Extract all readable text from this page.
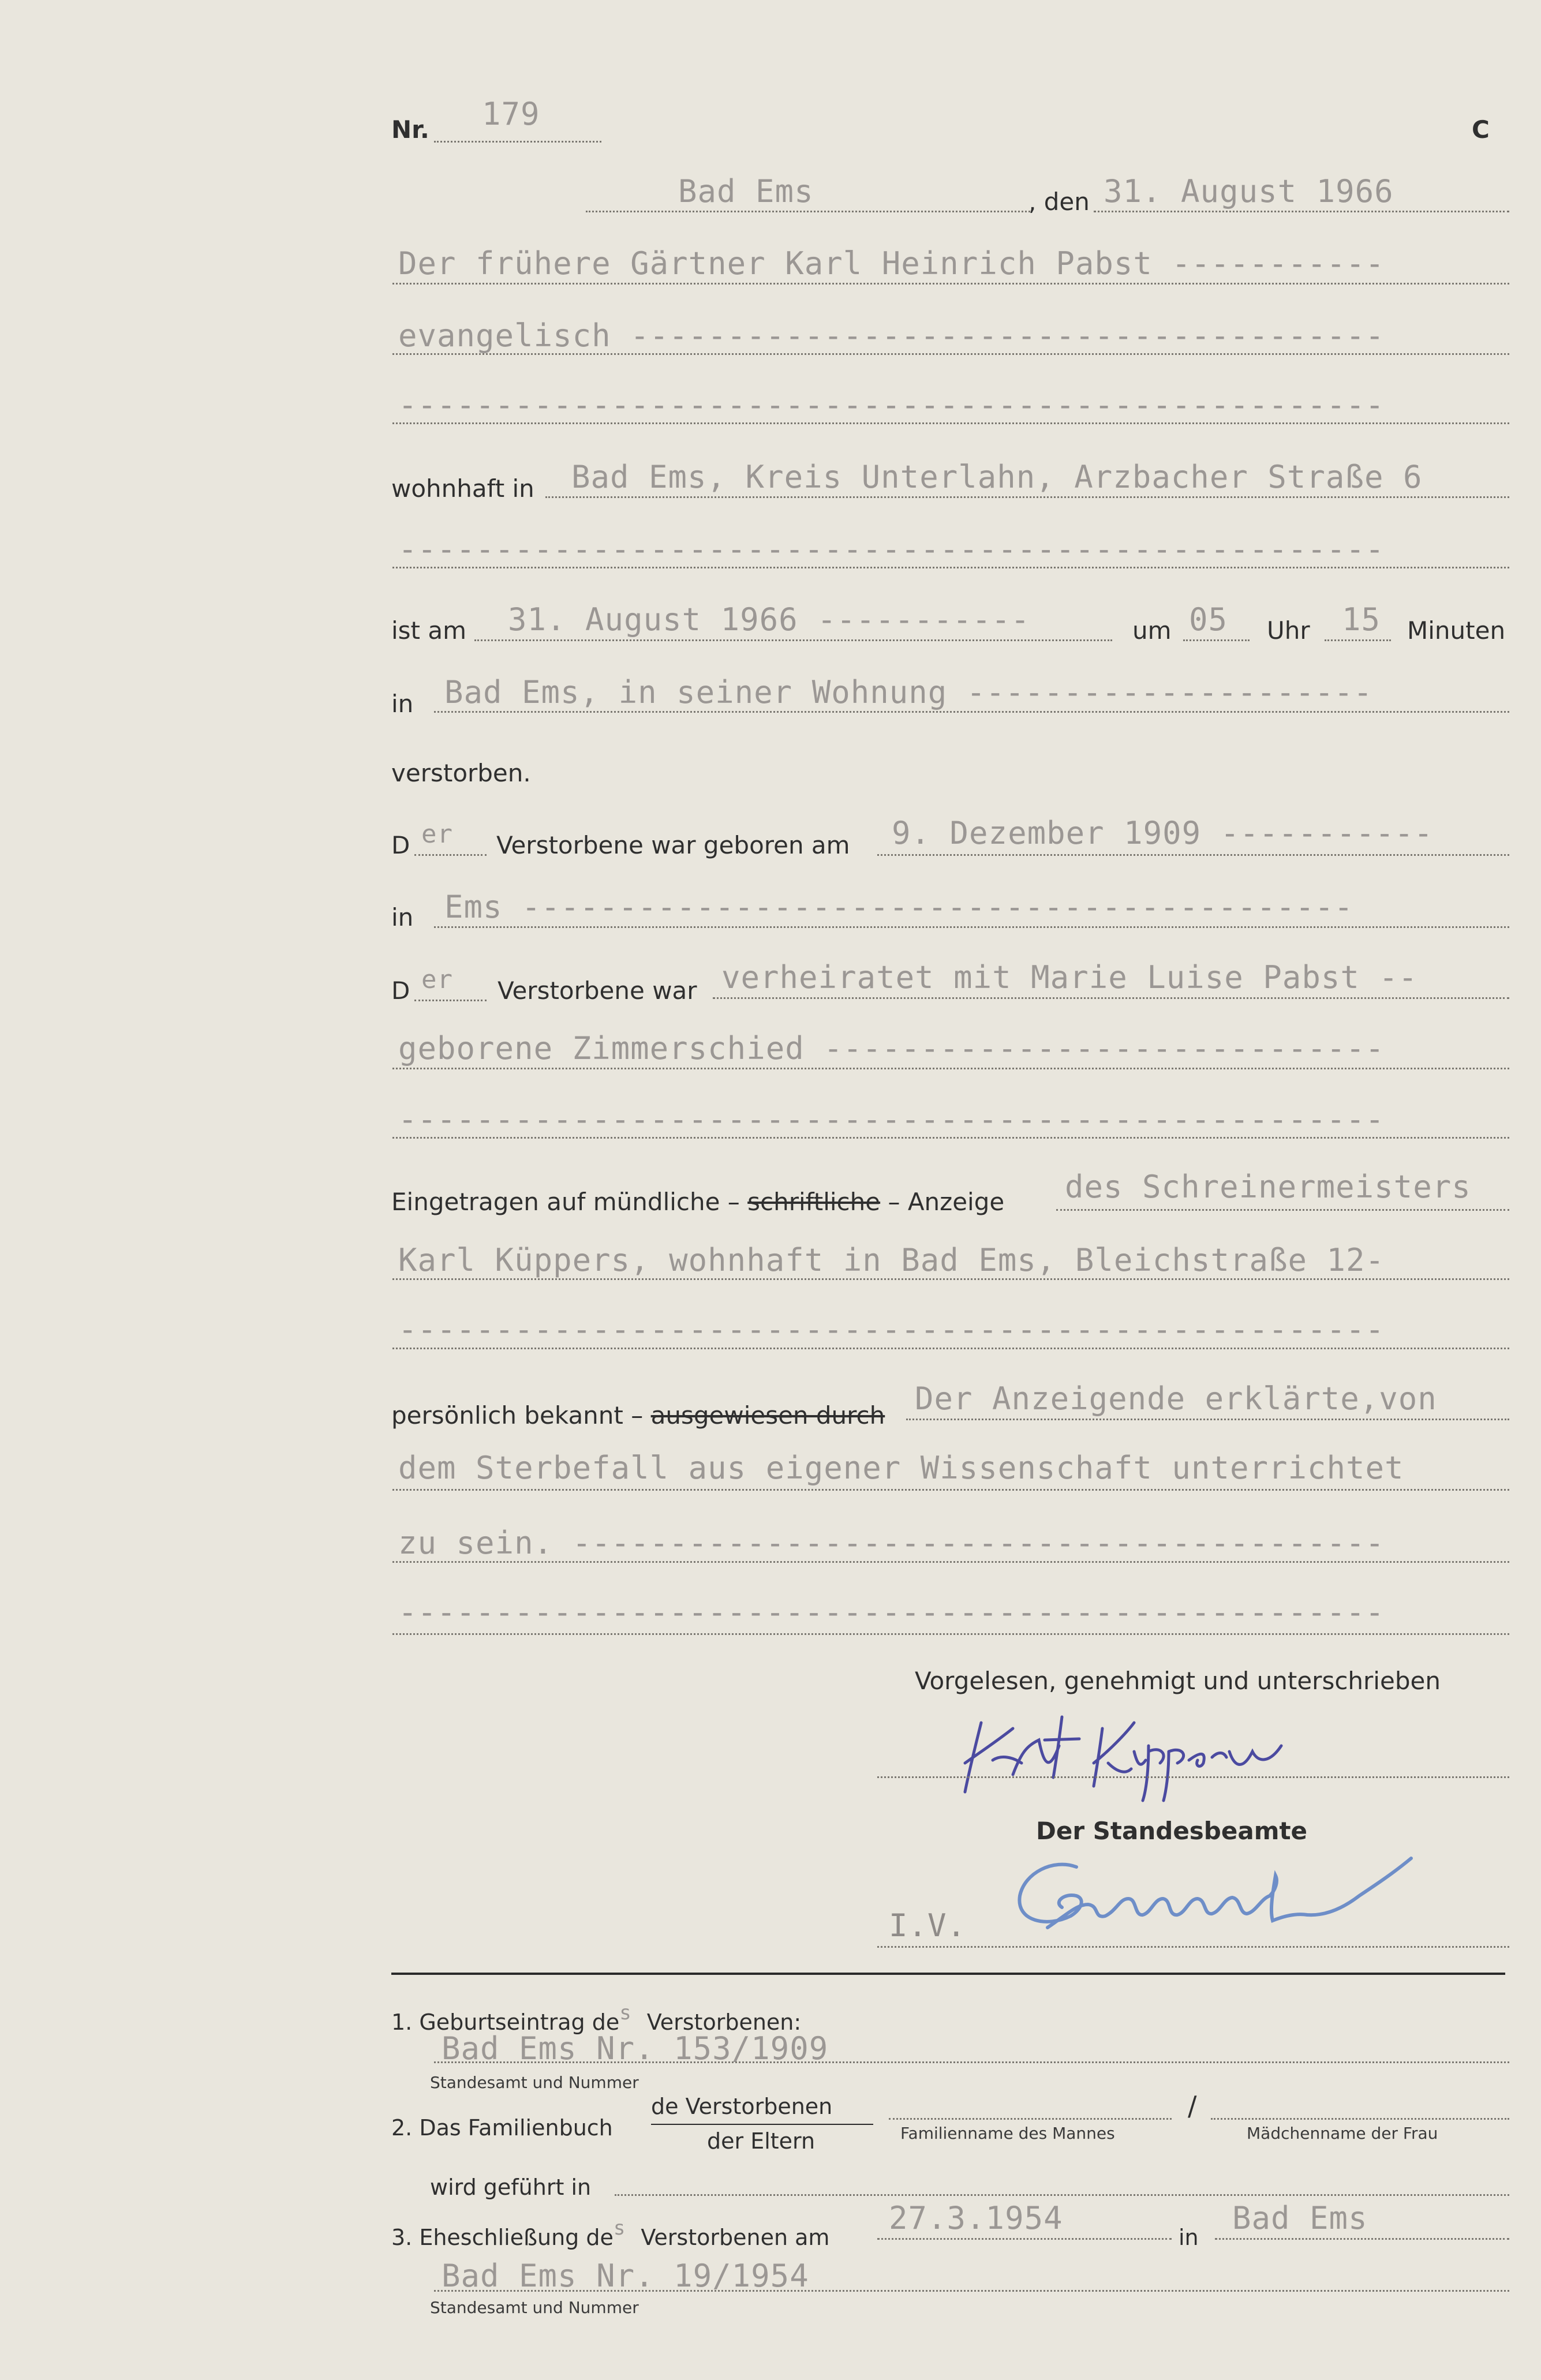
Nr. 179	C
Bad Ems	, den 31. August 1966
Der frühere Gärtner Karl Heinrich Pabst -----------
evangelisch ---------------------------------------
---------------------------------------------------
wohnhaft in Bad Ems, Kreis Unterlahn, Arzbacher Straße 6
---------------------------------------------------
ist am 31. August 1966 -----------	um 05 Uhr 15 Minuten
in Bad Ems, in seiner Wohnung ---------------------
verstorben.
D er Verstorbene war geboren am 9. Dezember 1909 -----------
in Ems -------------------------------------------
D er Verstorbene war verheiratet mit Marie Luise Pabst --
geborene Zimmerschied -----------------------------
---------------------------------------------------
Eingetragen auf mündliche – schriftliche – Anzeige des Schreinermeisters
Karl Küppers, wohnhaft in Bad Ems, Bleichstraße 12-
---------------------------------------------------
persönlich bekannt – ausgewiesen durch Der Anzeigende erklärte,von
dem Sterbefall aus eigener Wissenschaft unterrichtet
zu sein. ------------------------------------------
---------------------------------------------------
Vorgelesen, genehmigt und unterschrieben
Der Standesbeamte
I.V.
1. Geburtseintrag des Verstorbenen:
Bad Ems Nr. 153/1909
Standesamt und Nummer
2. Das Familienbuch
de Verstorbenen
der Eltern	Familienname des Mannes
/
Mädchenname der Frau
wird geführt in
3. Eheschließung des Verstorbenen am
27.3.1954
in
Bad Ems
Bad Ems Nr. 19/1954
Standesamt und Nummer
